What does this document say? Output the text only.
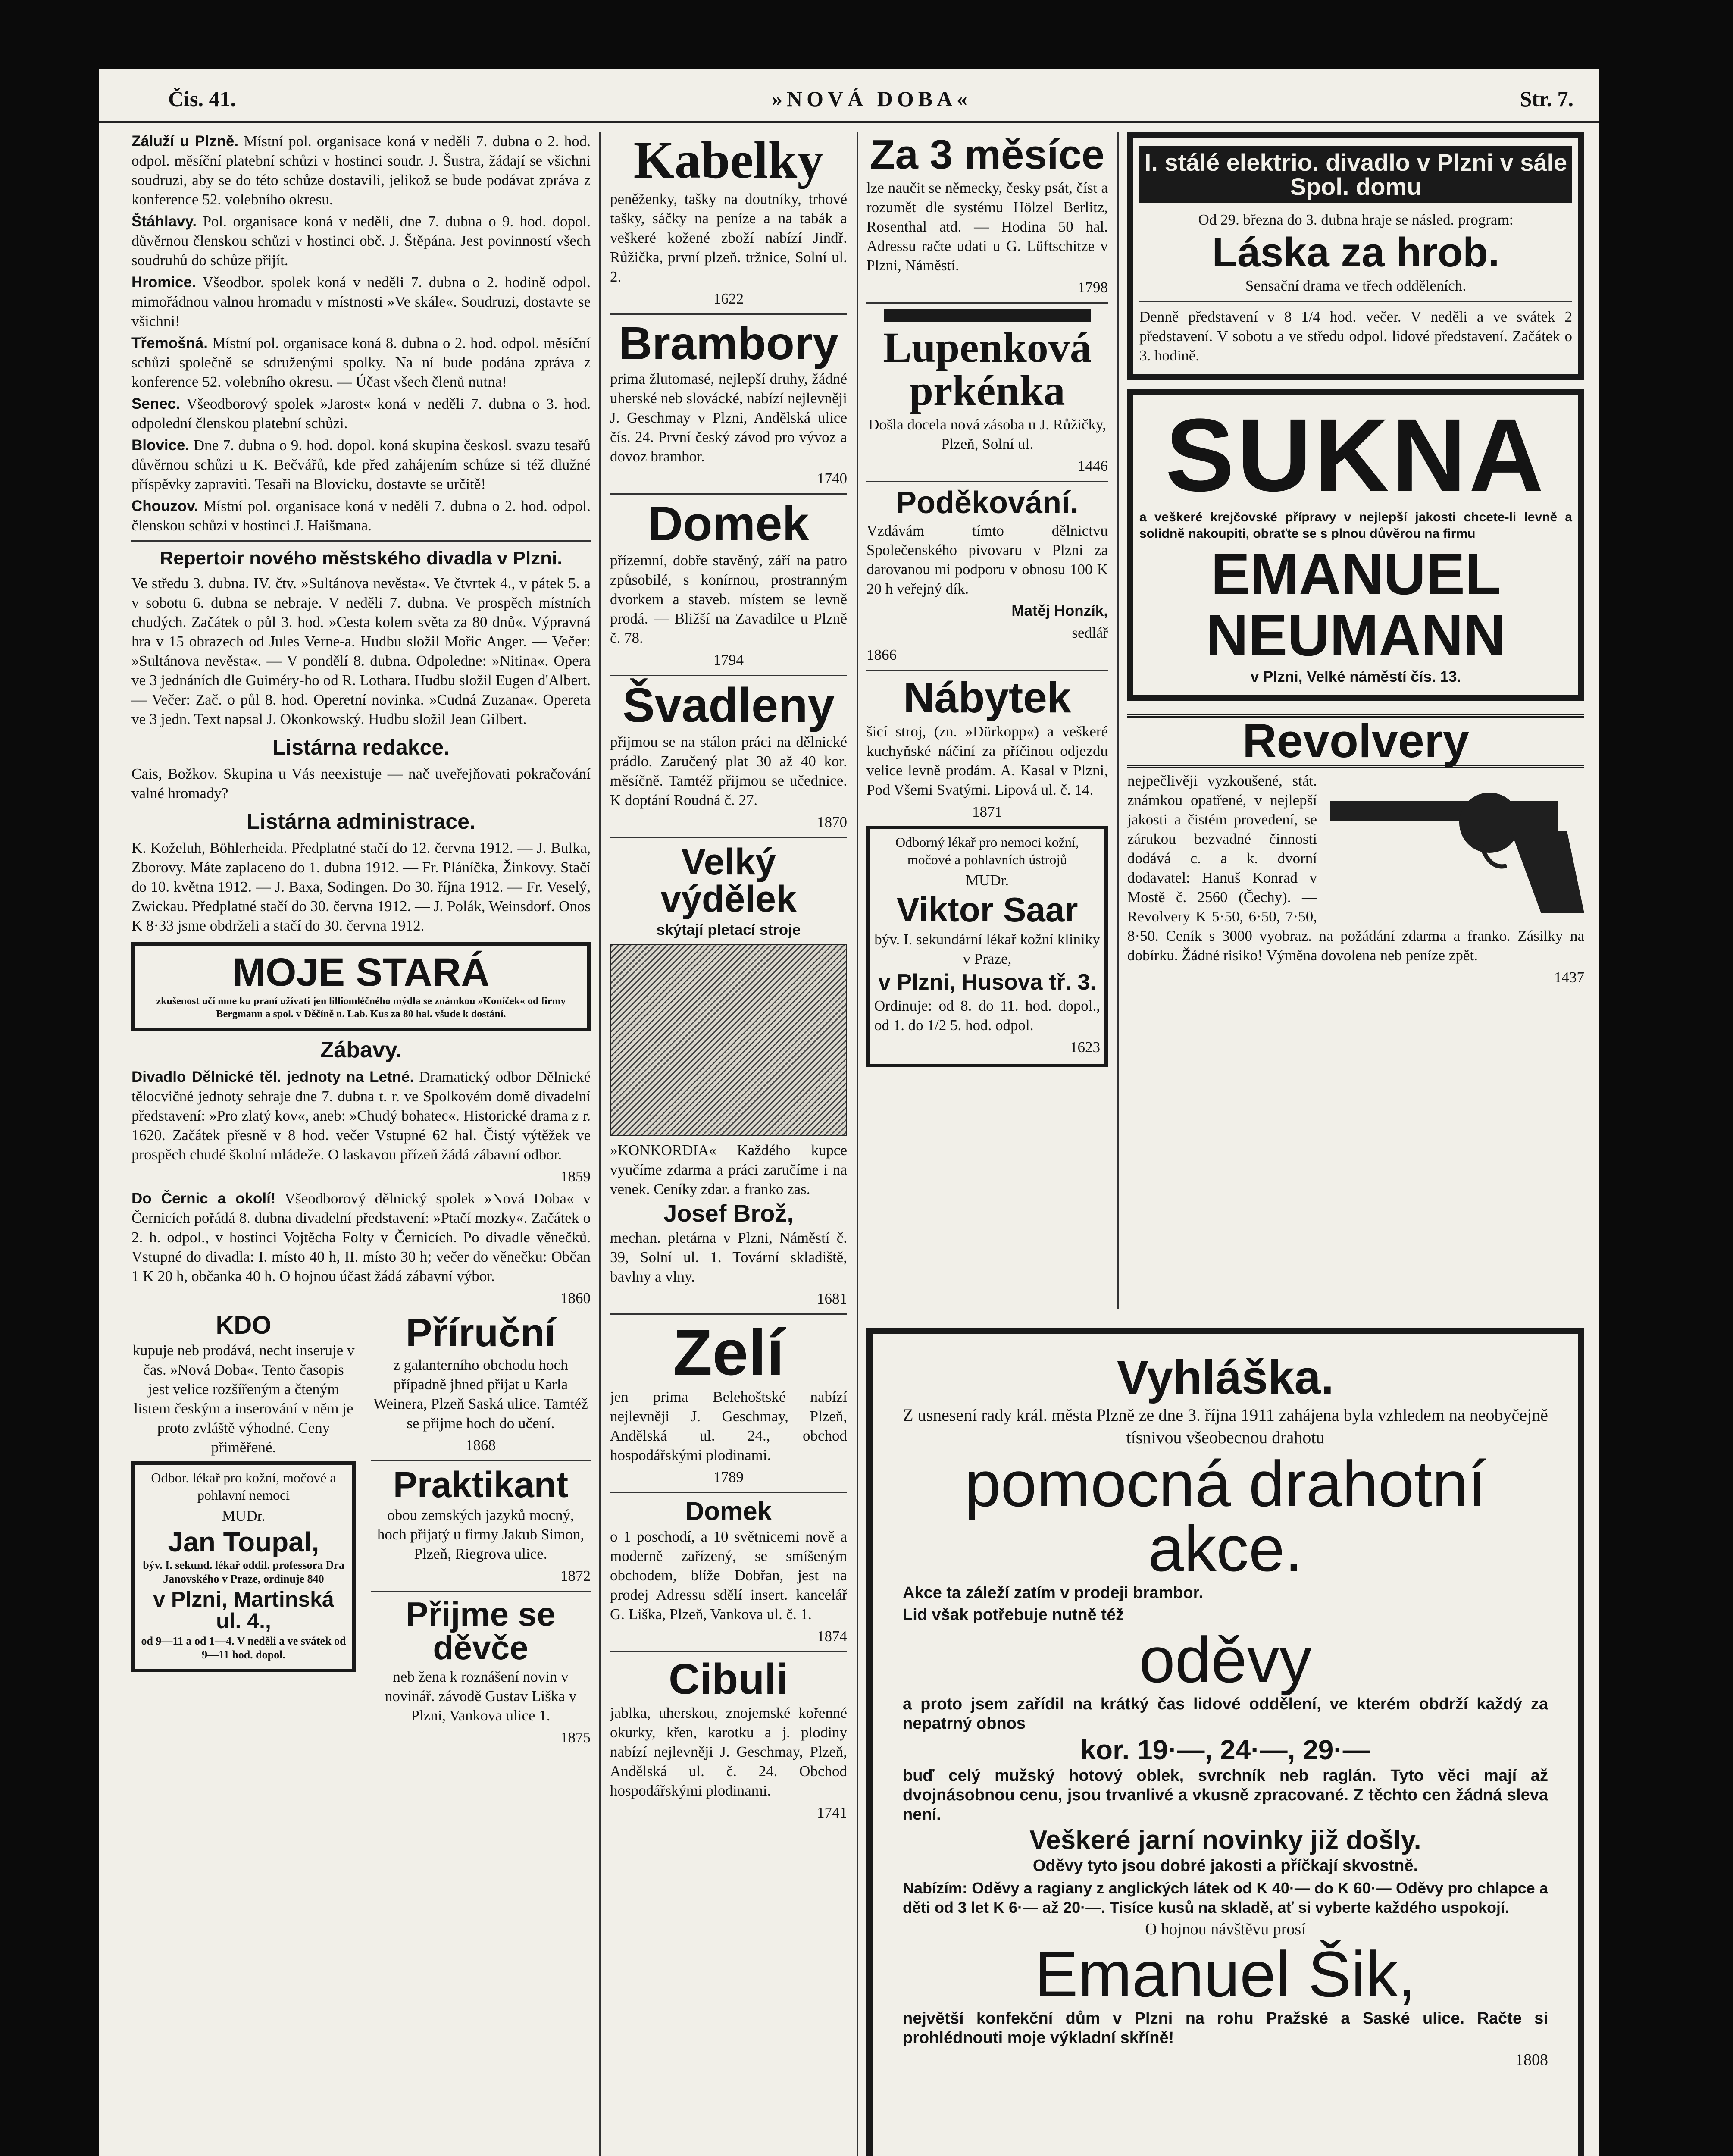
Čis. 41.	»NOVÁ DOBA«	Str. 7.

Záluží u Plzně. Místní pol. organisace koná v neděli 7. dubna o 2. hod. odpol. měsíční platební schůzi v hostinci soudr. J. Šustra, žádají se všichni soudruzi, aby se do této schůze dostavili, jelikož se bude podávat zpráva z konference 52. volebního okresu.

Štáhlavy. Pol. organisace koná v neděli, dne 7. dubna o 9. hod. dopol. důvěrnou členskou schůzi v hostinci obč. J. Štěpána. Jest povinností všech soudruhů do schůze přijít.

Hromice. Všeodbor. spolek koná v neděli 7. dubna o 2. hodině odpol. mimořádnou valnou hromadu v místnosti »Ve skále«. Soudruzi, dostavte se všichni!

Třemošná. Místní pol. organisace koná 8. dubna o 2. hod. odpol. měsíční schůzi společně se sdruženými spolky. Na ní bude podána zpráva z konference 52. volebního okresu. — Účast všech členů nutna!

Senec. Všeodborový spolek »Jarost« koná v neděli 7. dubna o 3. hod. odpolední členskou platební schůzi.

Blovice. Dne 7. dubna o 9. hod. dopol. koná skupina českosl. svazu tesařů důvěrnou schůzi u K. Bečvářů, kde před zahájením schůze si též dlužné příspěvky zapraviti. Tesaři na Blovicku, dostavte se určitě!

Chouzov. Místní pol. organisace koná v neděli 7. dubna o 2. hod. odpol. členskou schůzi v hostinci J. Haišmana.

Repertoir nového městského divadla v Plzni.

Ve středu 3. dubna. IV. čtv. »Sultánova nevěsta«. Ve čtvrtek 4., v pátek 5. a v sobotu 6. dubna se nebraje. V neděli 7. dubna. Ve prospěch místních chudých. Začátek o půl 3. hod. »Cesta kolem světa za 80 dnů«. Výpravná hra v 15 obrazech od Jules Verne-a. Hudbu složil Mořic Anger. — Večer: »Sultánova nevěsta«. — V pondělí 8. dubna. Odpoledne: »Nitina«. Opera ve 3 jednáních dle Guiméry-ho od R. Lothara. Hudbu složil Eugen d'Albert. — Večer: Zač. o půl 8. hod. Operetní novinka. »Cudná Zuzana«. Opereta ve 3 jedn. Text napsal J. Okonkowský. Hudbu složil Jean Gilbert.

Listárna redakce.

Cais, Božkov. Skupina u Vás neexistuje — nač uveřejňovati pokračování valné hromady?

Listárna administrace.

K. Koželuh, Böhlerheida. Předplatné stačí do 12. června 1912. — J. Bulka, Zborovy. Máte zaplaceno do 1. dubna 1912. — Fr. Pláníčka, Žinkovy. Stačí do 10. května 1912. — J. Baxa, Sodingen. Do 30. října 1912. — Fr. Veselý, Zwickau. Předplatné stačí do 30. června 1912. — J. Polák, Weinsdorf. Onos K 8·33 jsme obdrželi a stačí do 30. června 1912.

MOJE STARÁ

zkušenost učí mne ku praní užívati jen lilliomléčného mýdla se známkou »Koníček« od firmy Bergmann a spol. v Děčíně n. Lab. Kus za 80 hal. všude k dostání.

Zábavy.

Divadlo Dělnické těl. jednoty na Letné. Dramatický odbor Dělnické tělocvičné jednoty sehraje dne 7. dubna t. r. ve Spolkovém domě divadelní představení: »Pro zlatý kov«, aneb: »Chudý bohatec«. Historické drama z r. 1620. Začátek přesně v 8 hod. večer Vstupné 62 hal. Čistý výtěžek ve prospěch chudé školní mládeže. O laskavou přízeň žádá zábavní odbor.

1859

Do Černic a okolí! Všeodborový dělnický spolek »Nová Doba« v Černicích pořádá 8. dubna divadelní představení: »Ptačí mozky«. Začátek o 2. h. odpol., v hostinci Vojtěcha Folty v Černicích. Po divadle věnečků. Vstupné do divadla: I. místo 40 h, II. místo 30 h; večer do věnečku: Občan 1 K 20 h, občanka 40 h. O hojnou účast žádá zábavní výbor.

1860

KDO

kupuje neb prodává, necht inseruje v čas. »Nová Doba«. Tento časopis jest velice rozšířeným a čteným listem českým a inserování v něm je proto zvláště výhodné. Ceny přiměřené.

Odbor. lékař pro kožní, močové a pohlavní nemoci

MUDr.

Jan Toupal,

býv. I. sekund. lékař oddil. professora Dra Janovského v Praze, ordinuje 840

v Plzni, Martinská ul. 4.,

od 9—11 a od 1—4. V neděli a ve svátek od 9—11 hod. dopol.

Příruční

z galanterního obchodu hoch případně jhned přijat u Karla Weinera, Plzeň Saská ulice. Tamtéž se přijme hoch do učení.

1868

Praktikant

obou zemských jazyků mocný, hoch přijatý u firmy Jakub Simon, Plzeň, Riegrova ulice.

1872

Přijme se děvče

neb žena k roznášení novin v novinář. závodě Gustav Liška v Plzni, Vankova ulice 1.

1875

Kabelky

peněženky, tašky na doutníky, trhové tašky, sáčky na peníze a na tabák a veškeré kožené zboží nabízí Jindř. Růžička, první plzeň. tržnice, Solní ul. 2.

1622

Brambory

prima žlutomasé, nejlepší druhy, žádné uherské neb slovácké, nabízí nejlevněji J. Geschmay v Plzni, Andělská ulice čís. 24. První český závod pro vývoz a dovoz brambor.

1740

Domek

přízemní, dobře stavěný, září na patro způsobilé, s konírnou, prostranným dvorkem a staveb. místem se levně prodá. — Bližší na Zavadilce u Plzně č. 78.

1794

Švadleny

přijmou se na stálon práci na dělnické prádlo. Zaručený plat 30 až 40 kor. měsíčně. Tamtéž přijmou se učednice. K doptání Roudná č. 27.

1870

Velký výdělek

skýtají pletací stroje

»KONKORDIA« Každého kupce vyučíme zdarma a práci zaručíme i na venek. Ceníky zdar. a franko zas.

Josef Brož,

mechan. pletárna v Plzni, Náměstí č. 39, Solní ul. 1. Tovární skladiště, bavlny a vlny.

1681

Zelí

jen prima Belehoštské nabízí nejlevněji J. Geschmay, Plzeň, Andělská ul. 24., obchod hospodářskými plodinami.

1789

Domek

o 1 poschodí, a 10 světnicemi nově a moderně zařízený, se smíšeným obchodem, blíže Dobřan, jest na prodej Adressu sdělí insert. kancelář G. Liška, Plzeň, Vankova ul. č. 1.

1874

Cibuli

jablka, uherskou, znojemské kořenné okurky, křen, karotku a j. plodiny nabízí nejlevněji J. Geschmay, Plzeň, Andělská ul. č. 24. Obchod hospodářskými plodinami.

1741

Za 3 měsíce

lze naučit se německy, česky psát, číst a rozumět dle systému Hölzel Berlitz, Rosenthal atd. — Hodina 50 hal. Adressu račte udati u G. Lüftschitze v Plzni, Náměstí.

1798

Lupenková prkénka

Došla docela nová zásoba u J. Růžičky, Plzeň, Solní ul.

1446

Poděkování.

Vzdávám tímto dělnictvu Společenského pivovaru v Plzni za darovanou mi podporu v obnosu 100 K 20 h veřejný dík.

Matěj Honzík,

sedlář

1866

Nábytek

šicí stroj, (zn. »Dürkopp«) a veškeré kuchyňské náčiní za příčinou odjezdu velice levně prodám. A. Kasal v Plzni, Pod Všemi Svatými. Lipová ul. č. 14.

1871

Odborný lékař pro nemoci kožní, močové a pohlavních ústrojů

MUDr.

Viktor Saar

býv. I. sekundární lékař kožní kliniky v Praze,

v Plzni, Husova tř. 3.

Ordinuje: od 8. do 11. hod. dopol., od 1. do 1/2 5. hod. odpol.

1623

I. stálé elektrio. divadlo v Plzni v sále Spol. domu

Od 29. března do 3. dubna hraje se násled. program:

Láska za hrob.

Sensační drama ve třech odděleních.

Denně představení v 8 1/4 hod. večer. V neděli a ve svátek 2 představení. V sobotu a ve středu odpol. lidové představení. Začátek o 3. hodině.

SUKNA

a veškeré krejčovské přípravy v nejlepší jakosti chcete-li levně a solidně nakoupiti, obraťte se s plnou důvěrou na firmu

EMANUEL
NEUMANN

v Plzni, Velké náměstí čís. 13.

Revolvery

nejpečlivěji vyzkoušené, stát. známkou opatřené, v nejlepší jakosti a čistém provedení, se zárukou bezvadné činnosti dodává c. a k. dvorní dodavatel: Hanuš Konrad v Mostě č. 2560 (Čechy). — Revolvery K 5·50, 6·50, 7·50, 8·50. Ceník s 3000 vyobraz. na požádání zdarma a franko. Zásilky na dobírku. Žádné risiko! Výměna dovolena neb peníze zpět.

1437

Vyhláška.

Z usnesení rady král. města Plzně ze dne 3. října 1911 zahájena byla vzhledem na neobyčejně tísnivou všeobecnou drahotu

pomocná drahotní akce.

Akce ta záleží zatím v prodeji brambor.

Lid však potřebuje nutně též

oděvy

a proto jsem zařídil na krátký čas lidové oddělení, ve kterém obdrží každý za nepatrný obnos

kor. 19·—, 24·—, 29·—

buď celý mužský hotový oblek, svrchník neb raglán. Tyto věci mají až dvojnásobnou cenu, jsou trvanlivé a vkusně zpracované. Z těchto cen žádná sleva není.

Veškeré jarní novinky již došly.

Oděvy tyto jsou dobré jakosti a příčkají skvostně.

Nabízím: Oděvy a ragiany z anglických látek od K 40·— do K 60·— Oděvy pro chlapce a děti od 3 let K 6·— až 20·—. Tisíce kusů na skladě, ať si vyberte každého uspokojí.

O hojnou návštěvu prosí

Emanuel Šik,

největší konfekční dům v Plzni na rohu Pražské a Saské ulice. Račte si prohlédnouti moje výkladní skříně!

1808
